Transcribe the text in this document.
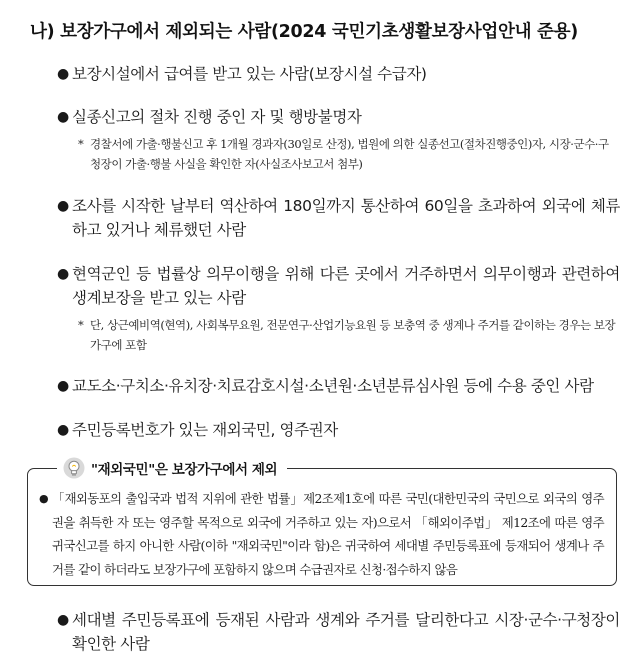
나) 보장가구에서 제외되는 사람(2024 국민기초생활보장사업안내 준용)
● 보장시설에서 급여를 받고 있는 사람(보장시설 수급자)
● 실종신고의 절차 진행 중인 자 및 행방불명자
* 경찰서에 가출·행불신고 후 1개월 경과자(30일로 산정), 법원에 의한 실종선고(절차진행중인)자, 시장·군수·구청장이 가출·행불 사실을 확인한 자(사실조사보고서 첨부)
● 조사를 시작한 날부터 역산하여 180일까지 통산하여 60일을 초과하여 외국에 체류하고 있거나 체류했던 사람
● 현역군인 등 법률상 의무이행을 위해 다른 곳에서 거주하면서 의무이행과 관련하여 생계보장을 받고 있는 사람
* 단, 상근예비역(현역), 사회복무요원, 전문연구·산업기능요원 등 보충역 중 생계나 주거를 같이하는 경우는 보장가구에 포함
● 교도소·구치소·유치장·치료감호시설·소년원·소년분류심사원 등에 수용 중인 사람
● 주민등록번호가 있는 재외국민, 영주권자
"재외국민"은 보장가구에서 제외
● 「재외동포의 출입국과 법적 지위에 관한 법률」제2조제1호에 따른 국민(대한민국의 국민으로 외국의 영주권을 취득한 자 또는 영주할 목적으로 외국에 거주하고 있는 자)으로서 「해외이주법」 제12조에 따른 영주 귀국신고를 하지 아니한 사람(이하 "재외국민"이라 함)은 귀국하여 세대별 주민등록표에 등재되어 생계나 주거를 같이 하더라도 보장가구에 포함하지 않으며 수급권자로 신청·접수하지 않음
● 세대별 주민등록표에 등재된 사람과 생계와 주거를 달리한다고 시장·군수·구청장이 확인한 사람
